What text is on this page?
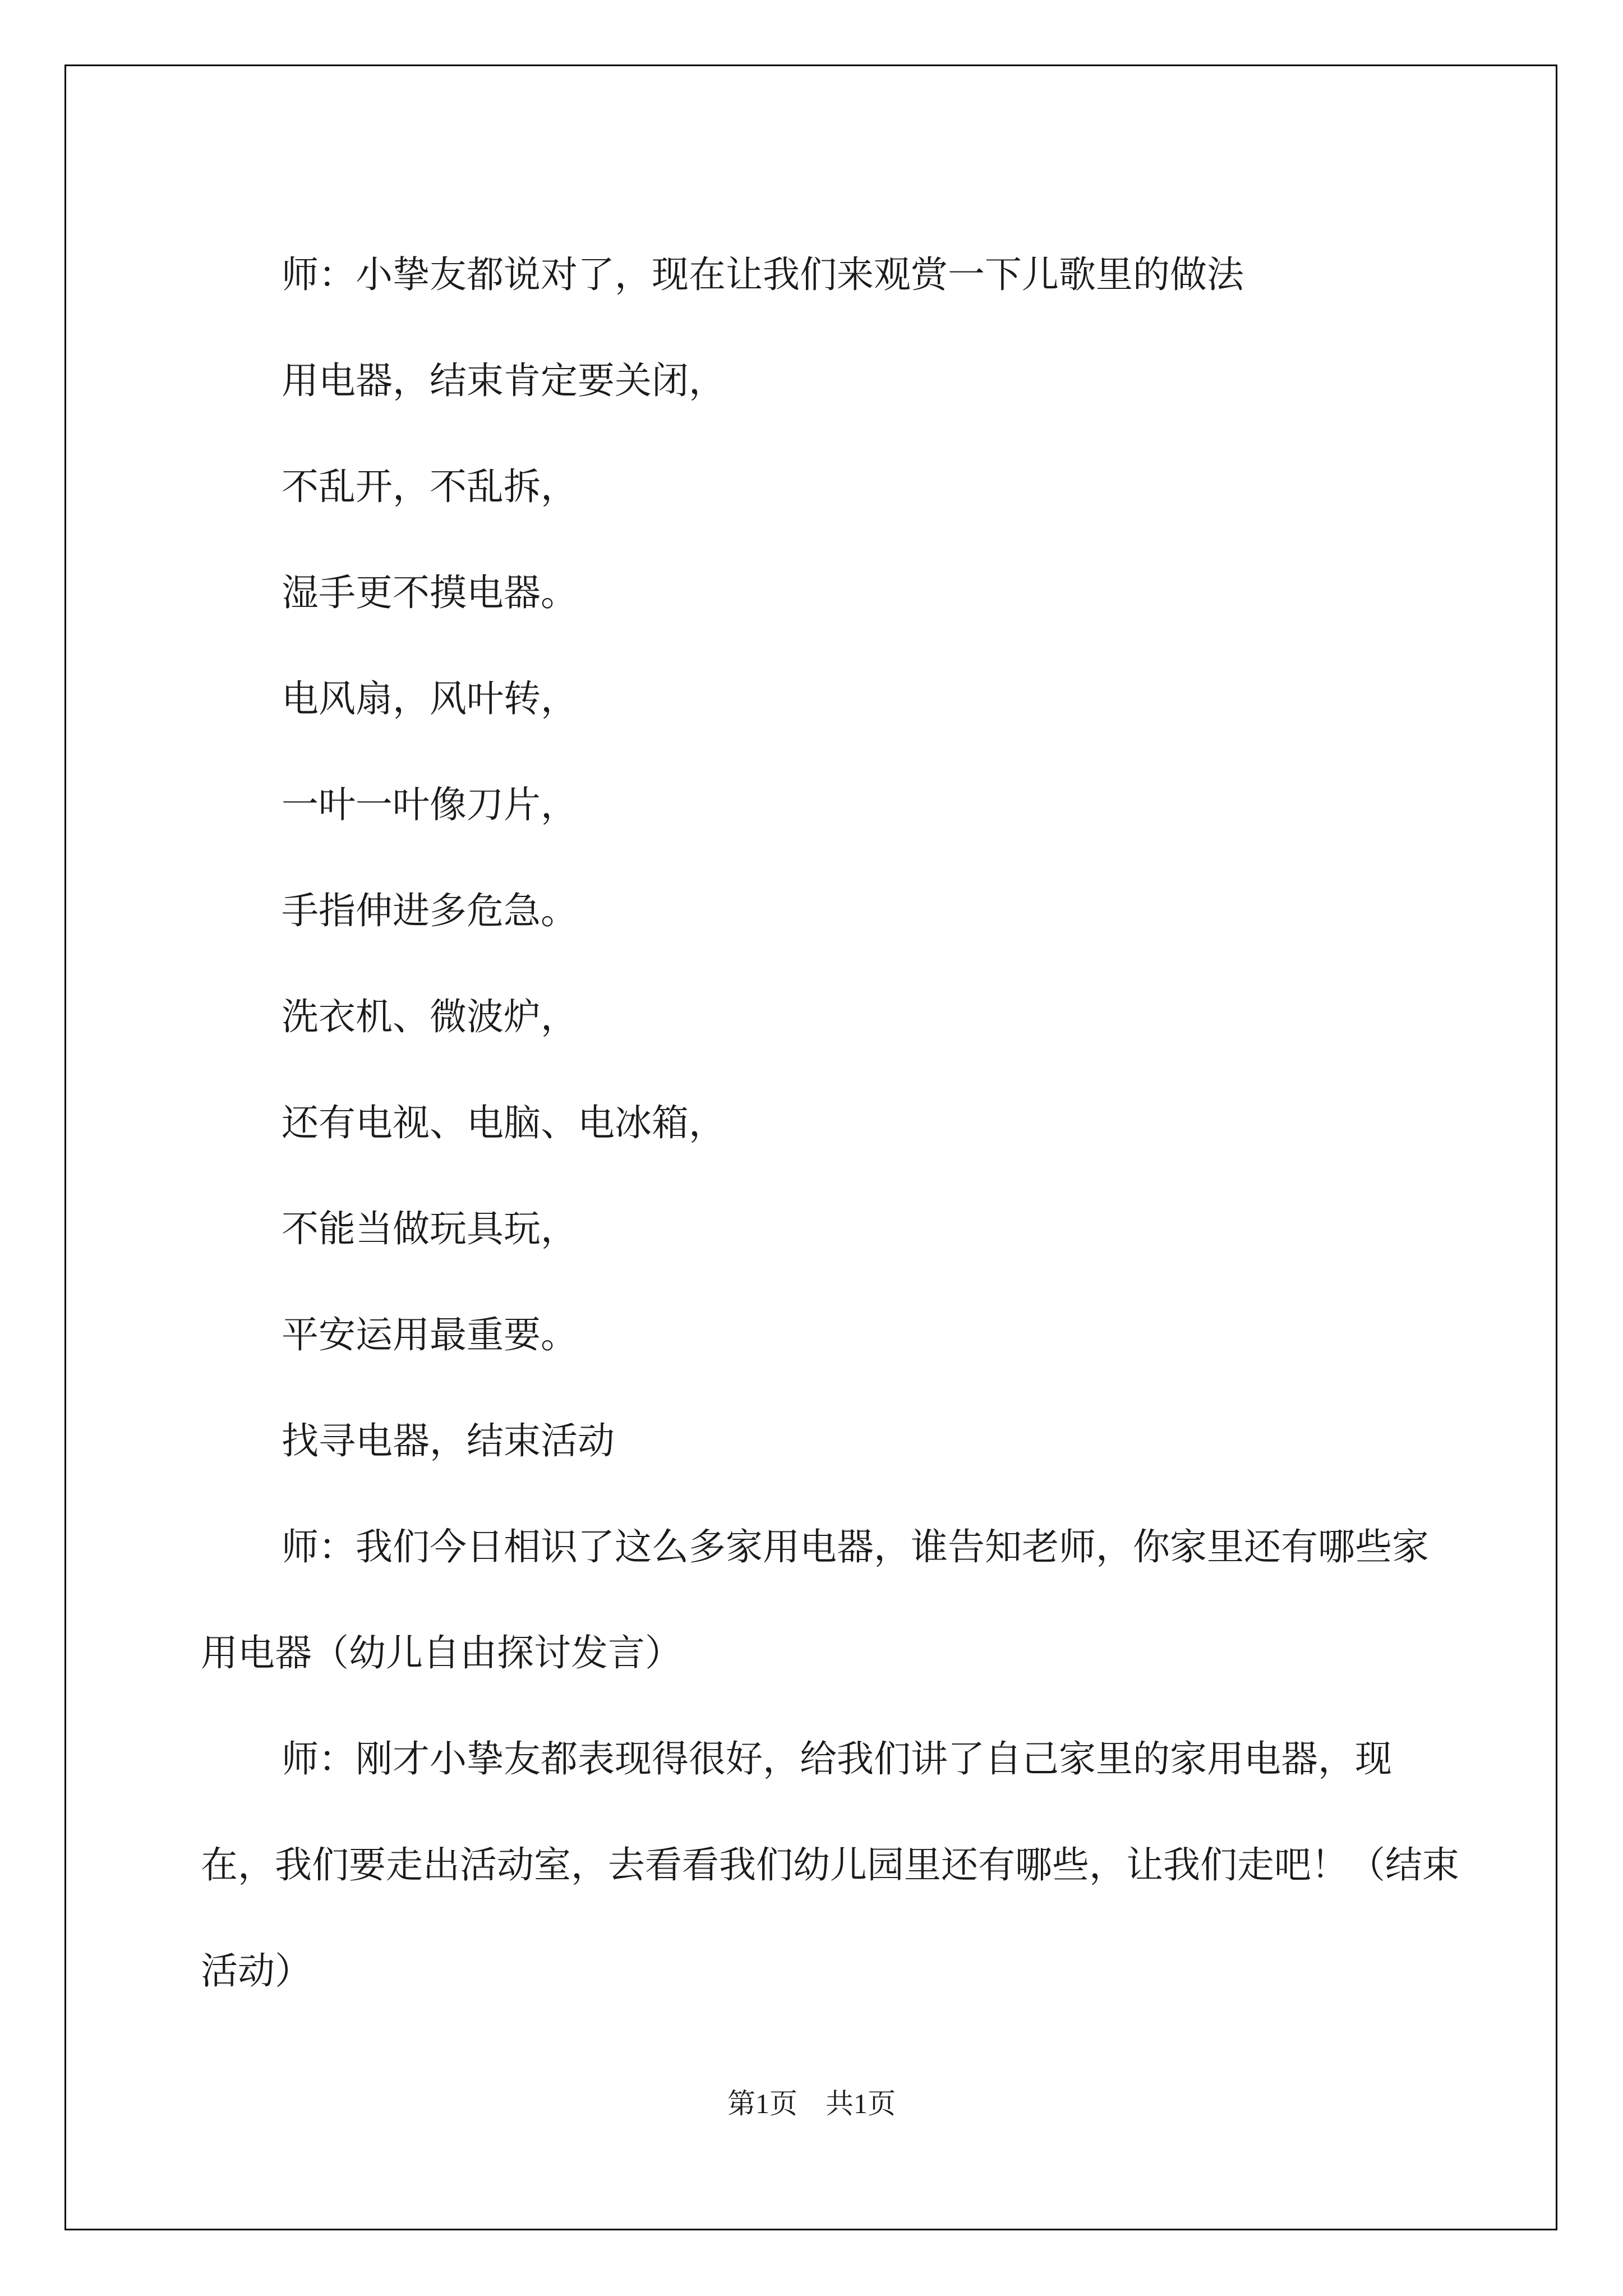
师：小挚友都说对了，现在让我们来观赏一下儿歌里的做法

用电器，结束肯定要关闭，

不乱开，不乱拆，

湿手更不摸电器。

电风扇，风叶转，

一叶一叶像刀片，

手指伸进多危急。

洗衣机、微波炉，

还有电视、电脑、电冰箱，

不能当做玩具玩，

平安运用最重要。

找寻电器，结束活动

师：我们今日相识了这么多家用电器，谁告知老师，你家里还有哪些家用电器（幼儿自由探讨发言）

师：刚才小挚友都表现得很好，给我们讲了自己家里的家用电器，现在，我们要走出活动室，去看看我们幼儿园里还有哪些，让我们走吧！（结束活动）

第1页 共1页
